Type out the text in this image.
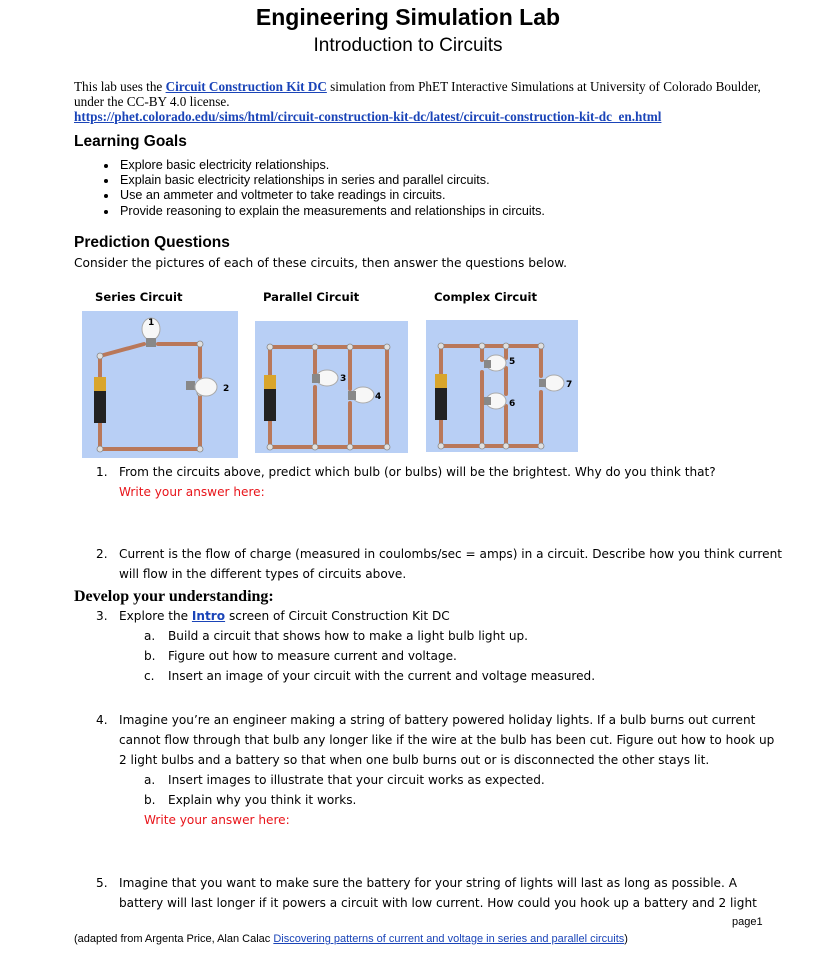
Engineering Simulation Lab
Introduction to Circuits
This lab uses the Circuit Construction Kit DC simulation from PhET Interactive Simulations at University of Colorado Boulder, under the CC-BY 4.0 license.
https://phet.colorado.edu/sims/html/circuit-construction-kit-dc/latest/circuit-construction-kit-dc_en.html
Learning Goals
• Explore basic electricity relationships.
• Explain basic electricity relationships in series and parallel circuits.
• Use an ammeter and voltmeter to take readings in circuits.
• Provide reasoning to explain the measurements and relationships in circuits.
Prediction Questions
Consider the pictures of each of these circuits, then answer the questions below.
Series Circuit	Parallel Circuit	Complex Circuit
1
2
3
4
5
6
7
1. From the circuits above, predict which bulb (or bulbs) will be the brightest. Why do you think that?
Write your answer here:
2. Current is the flow of charge (measured in coulombs/sec = amps) in a circuit. Describe how you think current
will flow in the different types of circuits above.
Develop your understanding:
3. Explore the Intro screen of Circuit Construction Kit DC
a. Build a circuit that shows how to make a light bulb light up.
b. Figure out how to measure current and voltage.
c. Insert an image of your circuit with the current and voltage measured.
4. Imagine you’re an engineer making a string of battery powered holiday lights. If a bulb burns out current
cannot flow through that bulb any longer like if the wire at the bulb has been cut. Figure out how to hook up
2 light bulbs and a battery so that when one bulb burns out or is disconnected the other stays lit.
a. Insert images to illustrate that your circuit works as expected.
b. Explain why you think it works.
Write your answer here:
5. Imagine that you want to make sure the battery for your string of lights will last as long as possible. A
battery will last longer if it powers a circuit with low current. How could you hook up a battery and 2 light
page1
(adapted from Argenta Price, Alan Calac Discovering patterns of current and voltage in series and parallel circuits)
